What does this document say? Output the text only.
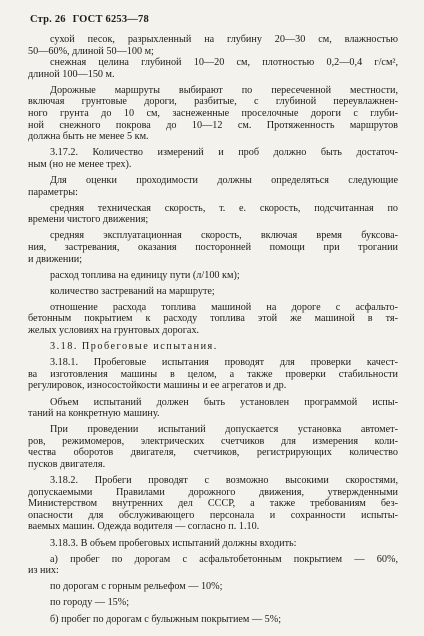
Стр. 26 ГОСТ 6253—78
сухой песок, разрыхленный на глубину 20—30 см, влажностью
50—60%, длиной 50—100 м;
снежная целина глубиной 10—20 см, плотностью 0,2—0,4 г/см²,
длиной 100—150 м.
Дорожные маршруты выбирают по пересеченной местности,
включая грунтовые дороги, разбитые, с глубиной переувлажнен-
ного грунта до 10 см, заснеженные проселочные дороги с глуби-
ной снежного покрова до 10—12 см. Протяженность маршрутов
должна быть не менее 5 км.
3.17.2. Количество измерений и проб должно быть достаточ-
ным (но не менее трех).
Для оценки проходимости должны определяться следующие
параметры:
средняя техническая скорость, т. е. скорость, подсчитанная по
времени чистого движения;
средняя эксплуатационная скорость, включая время буксова-
ния, застревания, оказания посторонней помощи при трогании
и движении;
расход топлива на единицу пути (л/100 км);
количество застреваний на маршруте;
отношение расхода топлива машиной на дороге с асфальто-
бетонным покрытием к расходу топлива этой же машиной в тя-
желых условиях на грунтовых дорогах.
3.18. Пробеговые испытания.
3.18.1. Пробеговые испытания проводят для проверки качест-
ва изготовления машины в целом, а также проверки стабильности
регулировок, износостойкости машины и ее агрегатов и др.
Объем испытаний должен быть установлен программой испы-
таний на конкретную машину.
При проведении испытаний допускается установка автомет-
ров, режимомеров, электрических счетчиков для измерения коли-
чества оборотов двигателя, счетчиков, регистрирующих количество
пусков двигателя.
3.18.2. Пробеги проводят с возможно высокими скоростями,
допускаемыми Правилами дорожного движения, утвержденными
Министерством внутренних дел СССР, а также требованиям без-
опасности для обслуживающего персонала и сохранности испыты-
ваемых машин. Одежда водителя — согласно п. 1.10.
3.18.3. В объем пробеговых испытаний должны входить:
а) пробег по дорогам с асфальтобетонным покрытием — 60%,
из них:
по дорогам с горным рельефом — 10%;
по городу — 15%;
б) пробег по дорогам с булыжным покрытием — 5%;
